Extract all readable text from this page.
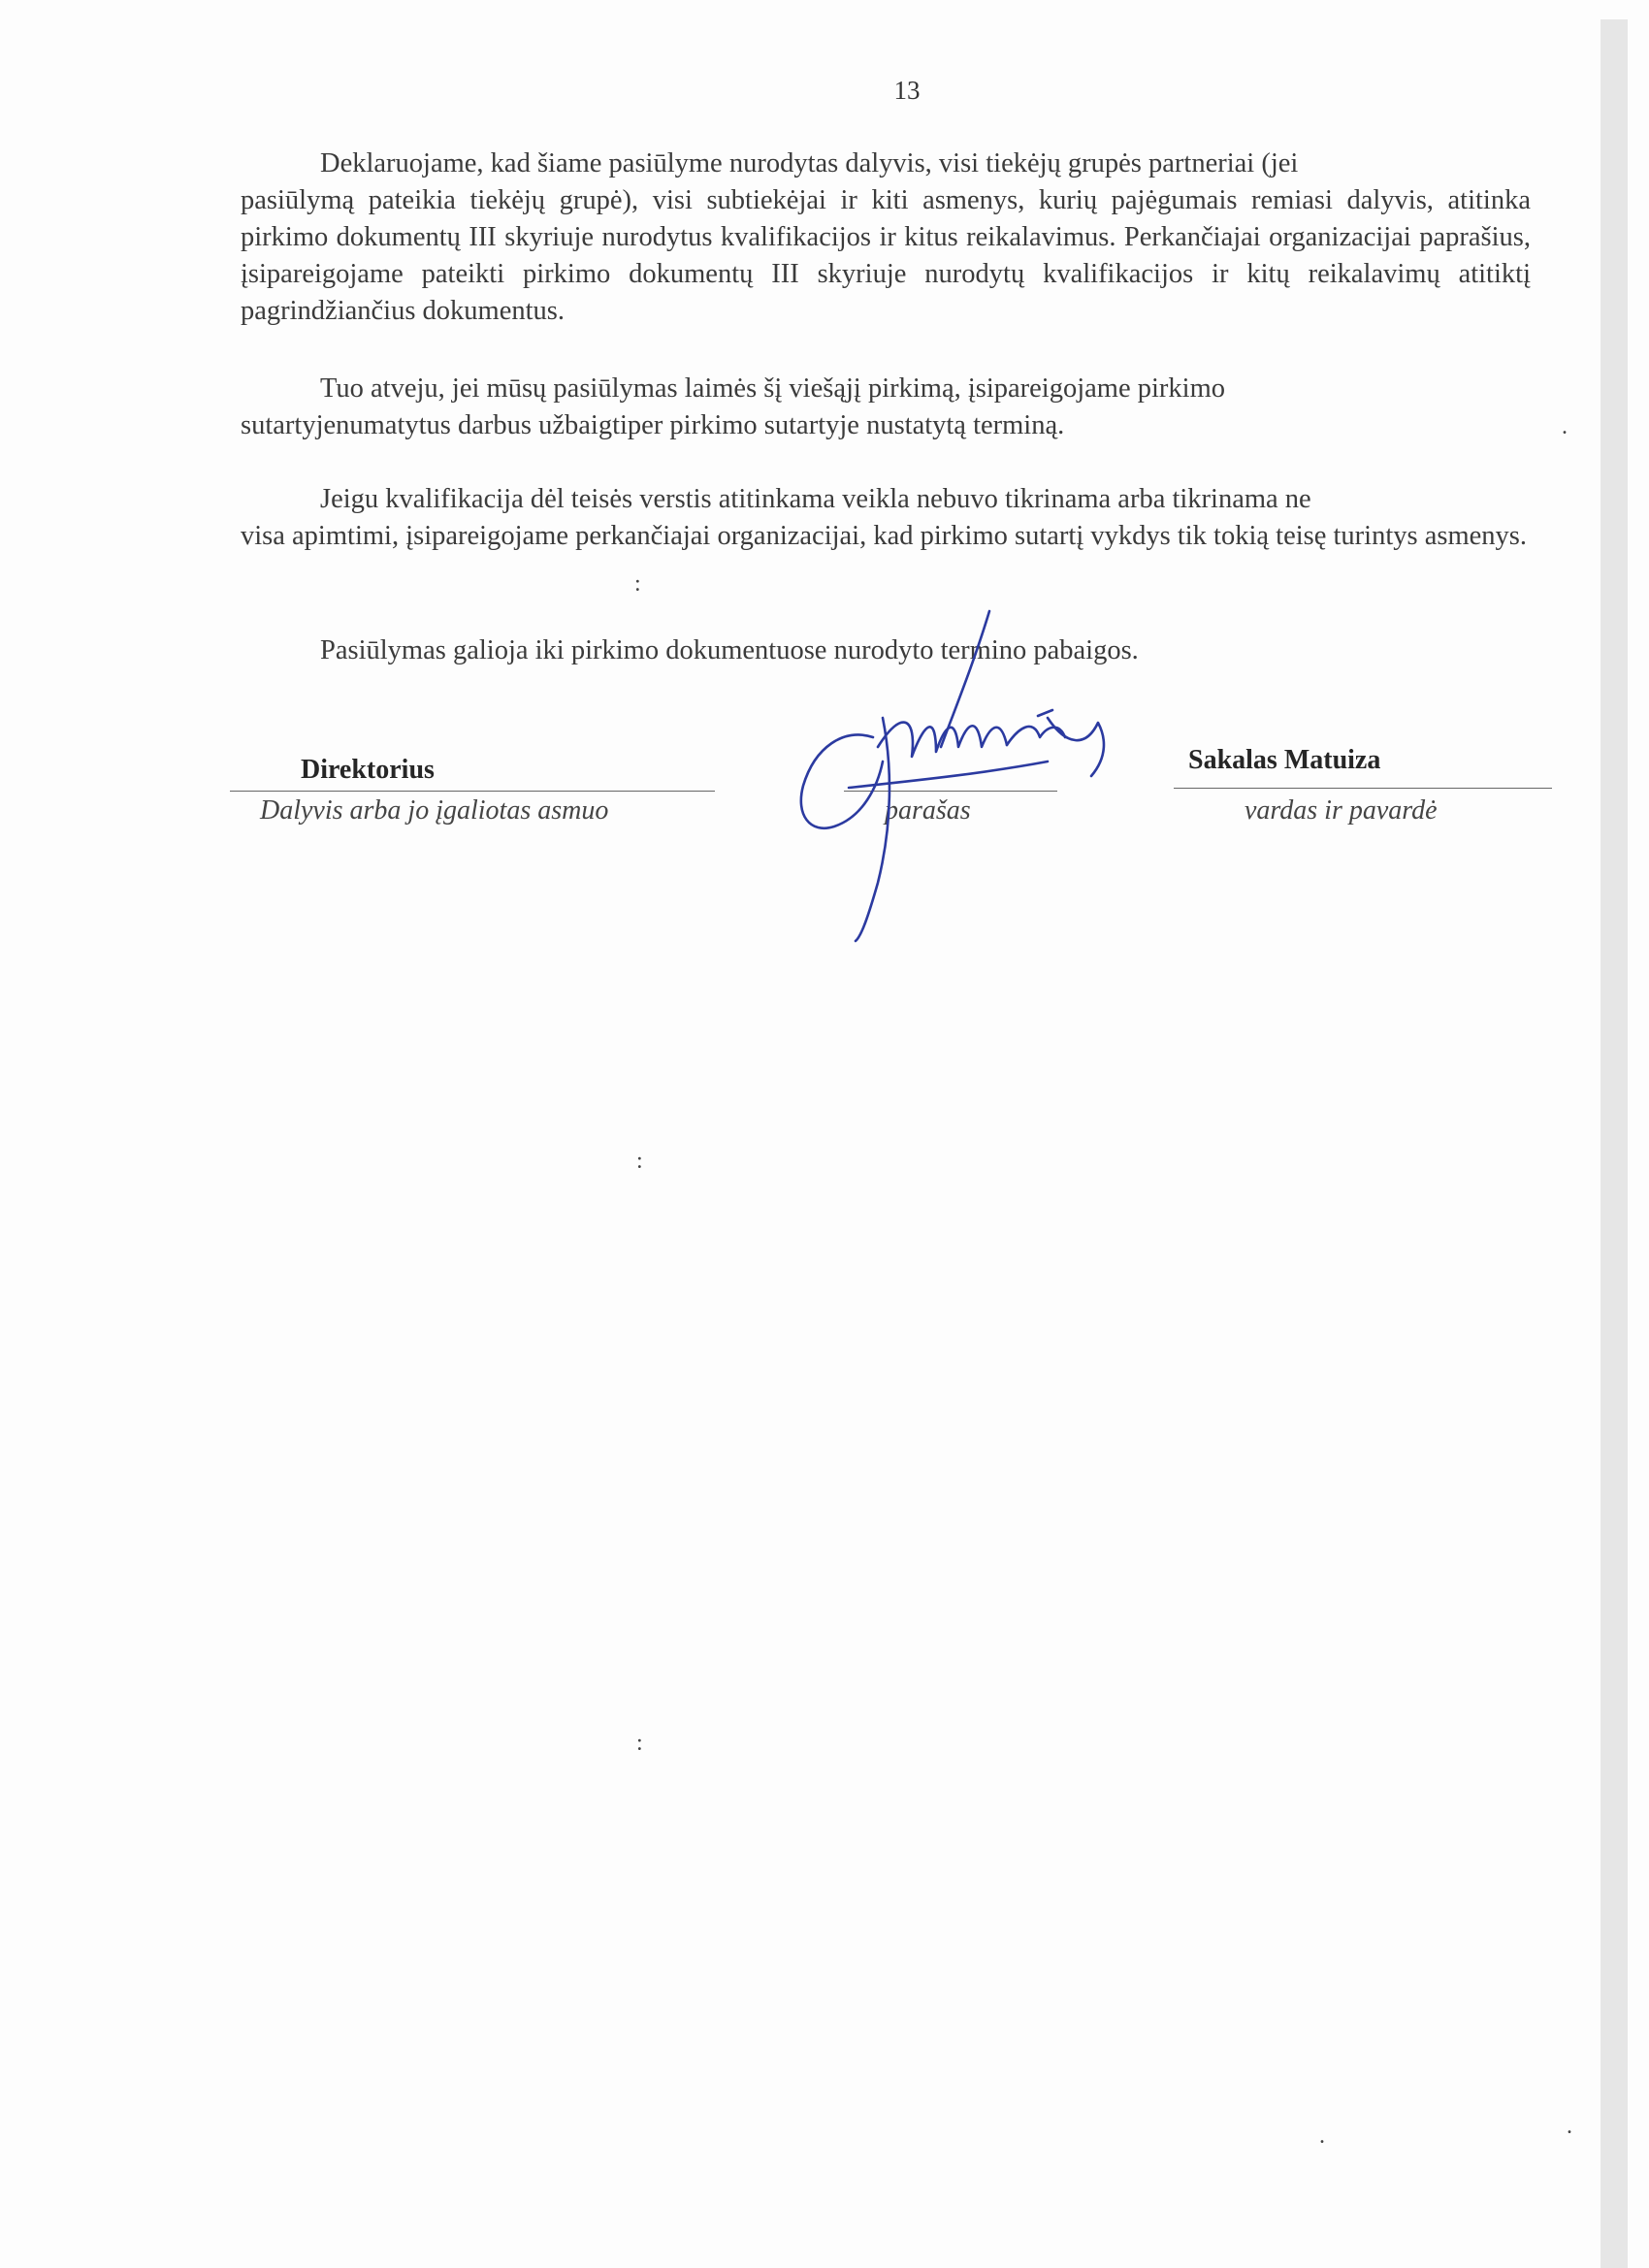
13
Deklaruojame, kad šiame pasiūlyme nurodytas dalyvis, visi tiekėjų grupės partneriai (jei
pasiūlymą pateikia tiekėjų grupė), visi subtiekėjai ir kiti asmenys, kurių pajėgumais remiasi dalyvis, atitinka pirkimo dokumentų III skyriuje nurodytus kvalifikacijos ir kitus reikalavimus. Perkančiajai organizacijai paprašius, įsipareigojame pateikti pirkimo dokumentų III skyriuje nurodytų kvalifikacijos ir kitų reikalavimų atitiktį pagrindžiančius dokumentus.
Tuo atveju, jei mūsų pasiūlymas laimės šį viešąjį pirkimą, įsipareigojame pirkimo
sutartyjenumatytus darbus užbaigtiper pirkimo sutartyje nustatytą terminą.
Jeigu kvalifikacija dėl teisės verstis atitinkama veikla nebuvo tikrinama arba tikrinama ne
visa apimtimi, įsipareigojame perkančiajai organizacijai, kad pirkimo sutartį vykdys tik tokią teisę turintys asmenys.
Pasiūlymas galioja iki pirkimo dokumentuose nurodyto termino pabaigos.
Direktorius
Dalyvis arba jo įgaliotas asmuo	parašas
Sakalas Matuiza
vardas ir pavardė
:
:
:
.
.	.
